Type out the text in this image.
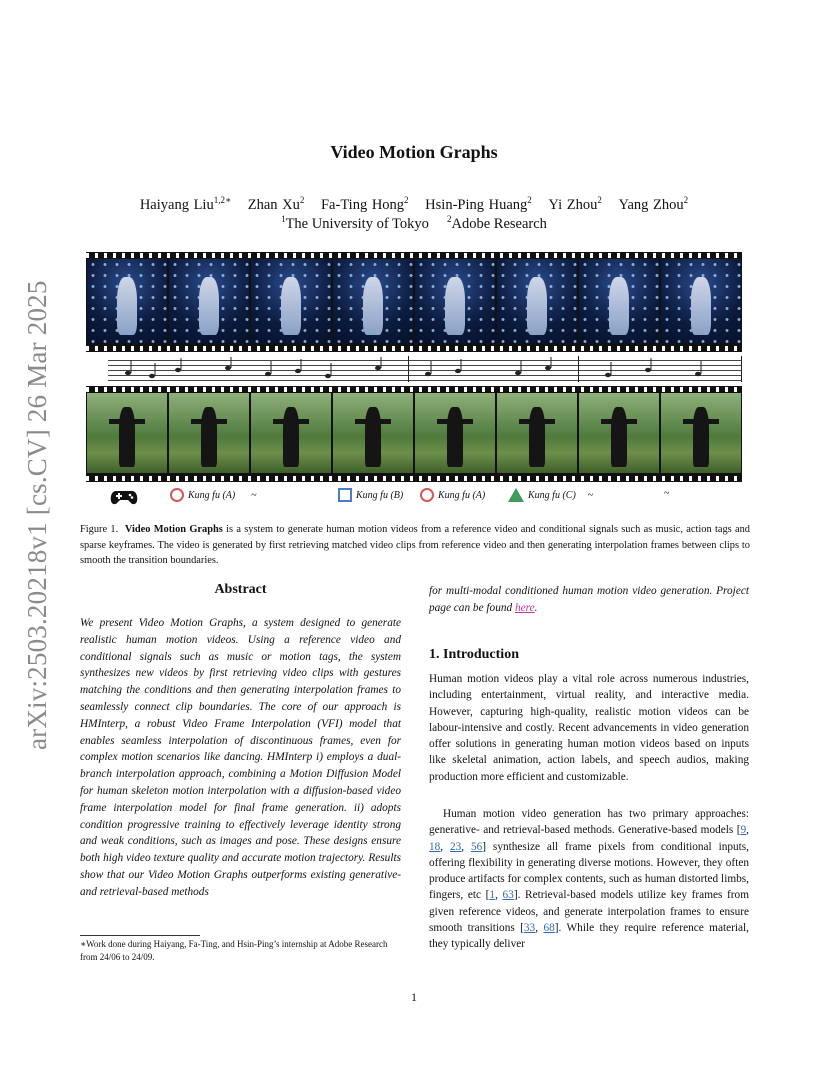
arXiv:2503.20218v1 [cs.CV] 26 Mar 2025
Video Motion Graphs
Haiyang Liu$^{1,2∗}$ Zhan Xu$^2$ Fa-Ting Hong$^2$ Hsin-Ping Huang$^2$ Yi Zhou$^2$ Yang Zhou$^2$
$^1$The University of Tokyo $^2$Adobe Research
Kung fu (A) ~	Kung fu (B)	Kung fu (A)	Kung fu (C) ~	~
Figure 1. Video Motion Graphs is a system to generate human motion videos from a reference video and conditional signals such as music, action tags and sparse keyframes. The video is generated by first retrieving matched video clips from reference video and then generating interpolation frames between clips to smooth the transition boundaries.
Abstract
We present Video Motion Graphs, a system designed to generate realistic human motion videos. Using a reference video and conditional signals such as music or motion tags, the system synthesizes new videos by first retrieving video clips with gestures matching the conditions and then generating interpolation frames to seamlessly connect clip boundaries. The core of our approach is HMInterp, a robust Video Frame Interpolation (VFI) model that enables seamless interpolation of discontinuous frames, even for complex motion scenarios like dancing. HMInterp i) employs a dual-branch interpolation approach, combining a Motion Diffusion Model for human skeleton motion interpolation with a diffusion-based video frame interpolation model for final frame generation. ii) adopts condition progressive training to effectively leverage identity strong and weak conditions, such as images and pose. These designs ensure both high video texture quality and accurate motion trajectory. Results show that our Video Motion Graphs outperforms existing generative- and retrieval-based methods
∗Work done during Haiyang, Fa-Ting, and Hsin-Ping’s internship at Adobe Research from 24/06 to 24/09.
for multi-modal conditioned human motion video generation. Project page can be found here.
1. Introduction
Human motion videos play a vital role across numerous industries, including entertainment, virtual reality, and interactive media. However, capturing high-quality, realistic motion videos can be labour-intensive and costly. Recent advancements in video generation offer solutions in generating human motion videos based on inputs like skeletal animation, action labels, and speech audios, making production more efficient and customizable.
Human motion video generation has two primary approaches: generative- and retrieval-based methods. Generative-based models [9, 18, 23, 56] synthesize all frame pixels from conditional inputs, offering flexibility in generating diverse motions. However, they often produce artifacts for complex contents, such as human distorted limbs, fingers, etc [1, 63]. Retrieval-based models utilize key frames from given reference videos, and generate interpolation frames to ensure smooth transitions [33, 68]. While they require reference material, they typically deliver
1
